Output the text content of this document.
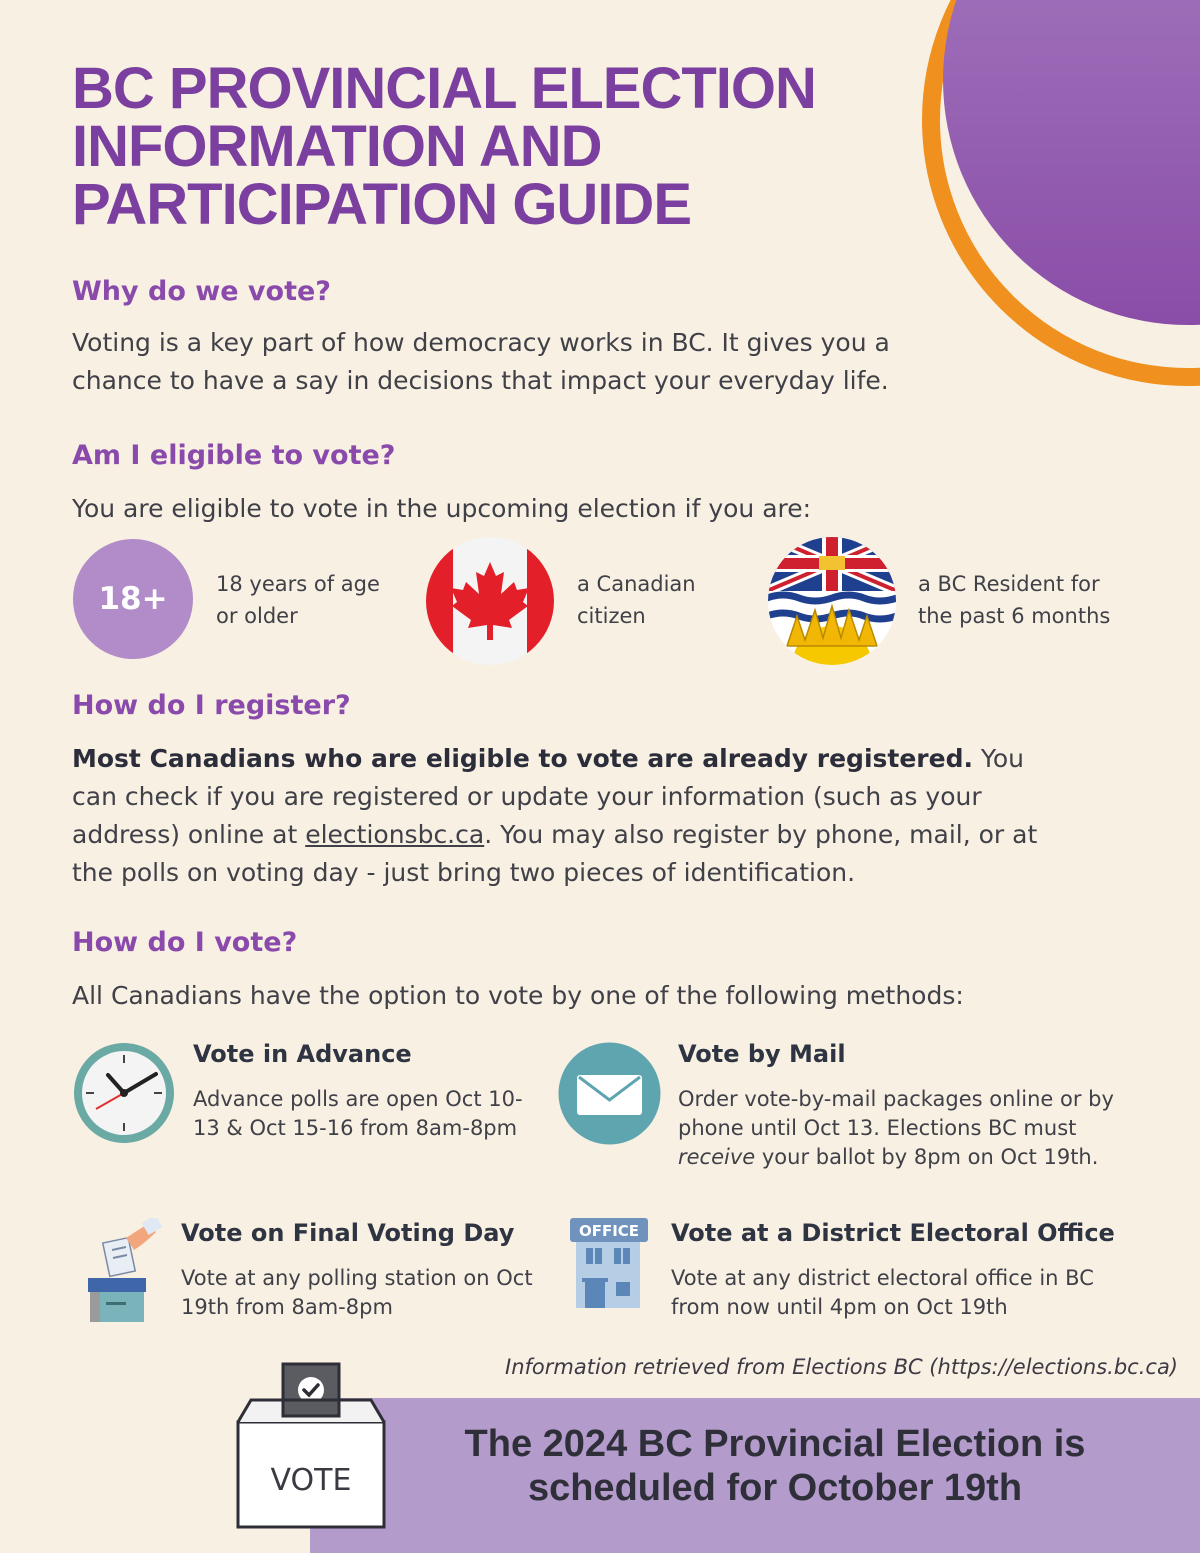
BC PROVINCIAL ELECTION
INFORMATION AND
PARTICIPATION GUIDE
Why do we vote?
Voting is a key part of how democracy works in BC. It gives you a chance to have a say in decisions that impact your everyday life.
Am I eligible to vote?
You are eligible to vote in the upcoming election if you are:
18+	18 years of age
or older
a Canadian
citizen
a BC Resident for
the past 6 months
How do I register?
Most Canadians who are eligible to vote are already registered. You can check if you are registered or update your information (such as your address) online at electionsbc.ca. You may also register by phone, mail, or at the polls on voting day - just bring two pieces of identification.
How do I vote?
All Canadians have the option to vote by one of the following methods:
Vote in Advance
Advance polls are open Oct 10-13 & Oct 15-16 from 8am-8pm
Vote by Mail
Order vote-by-mail packages online or by phone until Oct 13. Elections BC must receive your ballot by 8pm on Oct 19th.
Vote on Final Voting Day
Vote at any polling station on Oct 19th from 8am-8pm
OFFICE Vote at a District Electoral Office
Vote at any district electoral office in BC from now until 4pm on Oct 19th
Information retrieved from Elections BC (https://elections.bc.ca)
The 2024 BC Provincial Election is
scheduled for October 19th
VOTE
